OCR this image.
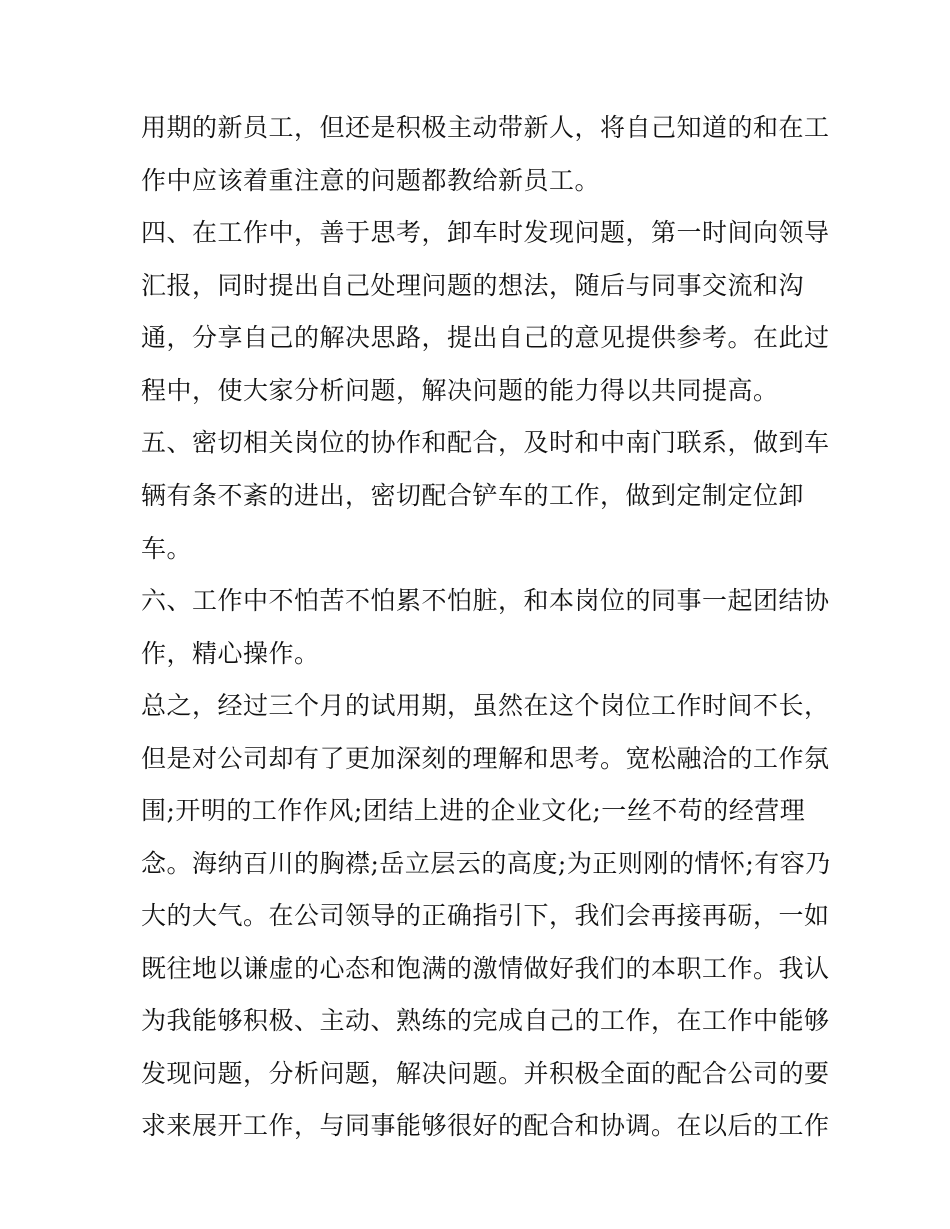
用期的新员工，但还是积极主动带新人，将自己知道的和在工
作中应该着重注意的问题都教给新员工。
四、在工作中，善于思考，卸车时发现问题，第一时间向领导
汇报，同时提出自己处理问题的想法，随后与同事交流和沟
通，分享自己的解决思路，提出自己的意见提供参考。在此过
程中，使大家分析问题，解决问题的能力得以共同提高。
五、密切相关岗位的协作和配合，及时和中南门联系，做到车
辆有条不紊的进出，密切配合铲车的工作，做到定制定位卸
车。
六、工作中不怕苦不怕累不怕脏，和本岗位的同事一起团结协
作，精心操作。
总之，经过三个月的试用期，虽然在这个岗位工作时间不长，
但是对公司却有了更加深刻的理解和思考。宽松融洽的工作氛
围;开明的工作作风;团结上进的企业文化;一丝不苟的经营理
念。海纳百川的胸襟;岳立层云的高度;为正则刚的情怀;有容乃
大的大气。在公司领导的正确指引下，我们会再接再砺，一如
既往地以谦虚的心态和饱满的激情做好我们的本职工作。我认
为我能够积极、主动、熟练的完成自己的工作，在工作中能够
发现问题，分析问题，解决问题。并积极全面的配合公司的要
求来展开工作，与同事能够很好的配合和协调。在以后的工作
